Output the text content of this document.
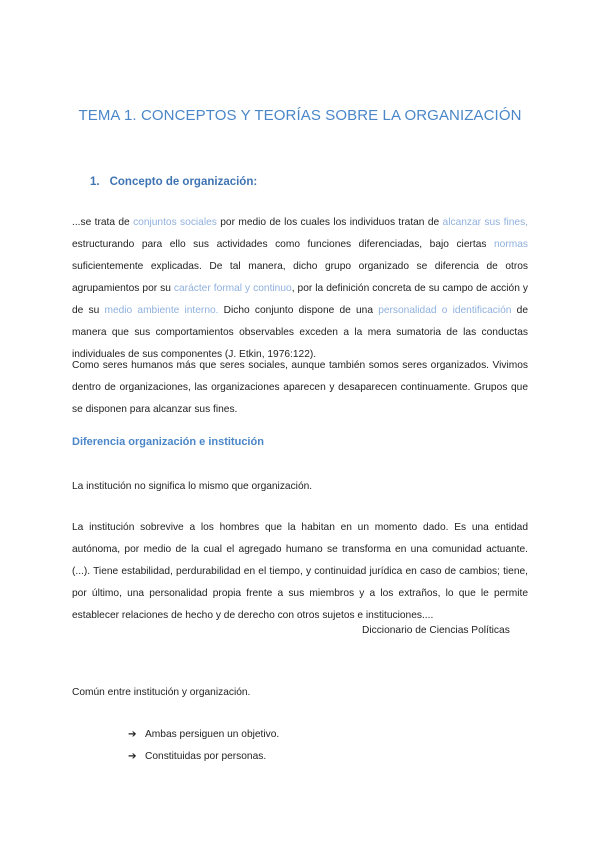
TEMA 1. CONCEPTOS Y TEORÍAS SOBRE LA ORGANIZACIÓN
1. Concepto de organización:
...se trata de conjuntos sociales por medio de los cuales los individuos tratan de alcanzar sus fines, estructurando para ello sus actividades como funciones diferenciadas, bajo ciertas normas suficientemente explicadas. De tal manera, dicho grupo organizado se diferencia de otros agrupamientos por su carácter formal y continuo, por la definición concreta de su campo de acción y de su medio ambiente interno. Dicho conjunto dispone de una personalidad o identificación de manera que sus comportamientos observables exceden a la mera sumatoria de las conductas individuales de sus componentes (J. Etkin, 1976:122).
Como seres humanos más que seres sociales, aunque también somos seres organizados. Vivimos dentro de organizaciones, las organizaciones aparecen y desaparecen continuamente. Grupos que se disponen para alcanzar sus fines.
Diferencia organización e institución
La institución no significa lo mismo que organización.
La institución sobrevive a los hombres que la habitan en un momento dado. Es una entidad autónoma, por medio de la cual el agregado humano se transforma en una comunidad actuante. (...). Tiene estabilidad, perdurabilidad en el tiempo, y continuidad jurídica en caso de cambios; tiene, por último, una personalidad propia frente a sus miembros y a los extraños, lo que le permite establecer relaciones de hecho y de derecho con otros sujetos e instituciones....
Diccionario de Ciencias Políticas
Común entre institución y organización.
➔ Ambas persiguen un objetivo.
➔ Constituidas por personas.
